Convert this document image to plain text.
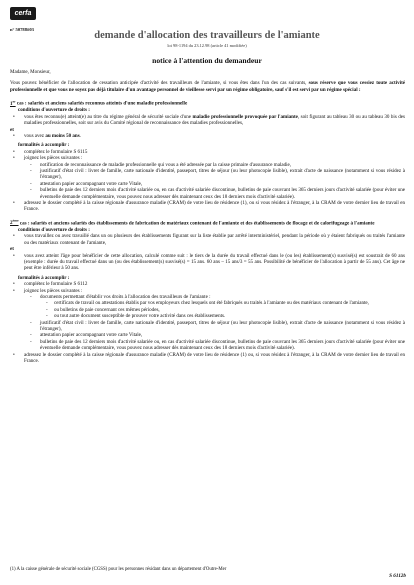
cerfa
n° 50788#03
demande d'allocation des travailleurs de l'amiante
loi 98-1194 du 23.12.98 (article 41 modifiée)
notice à l'attention du demandeur

Madame, Monsieur,

Vous pouvez bénéficier de l'allocation de cessation anticipée d'activité des travailleurs de l'amiante, si vous êtes dans l'un des cas suivants, sous réserve que vous cessiez toute activité professionnelle et que vous ne soyez pas déjà titulaire d'un avantage personnel de vieillesse servi par un régime obligatoire, sauf s'il est servi par un régime spécial :

1er cas : salariés et anciens salariés reconnus atteints d'une maladie professionnelle

conditions d'ouverture de droits :

• vous êtes reconnu(e) atteint(e) au titre du régime général de sécurité sociale d'une maladie professionnelle provoquée par l'amiante, soit figurant au tableau 30 ou au tableau 30 bis des maladies professionnelles, soit sur avis du Comité régional de reconnaissance des maladies professionnelles,

et

• vous avez au moins 50 ans.

formalités à accomplir :

• complétez le formulaire S 6115

• joignez les pièces suivantes :

- notification de reconnaissance de maladie professionnelle qui vous a été adressée par la caisse primaire d'assurance maladie,

- justificatif d'état civil : livret de famille, carte nationale d'identité, passeport, titres de séjour (ou leur photocopie lisible), extrait d'acte de naissance (notamment si vous résidez à l'étranger),

- attestation papier accompagnant votre carte Vitale,

- bulletins de paie des 12 derniers mois d'activité salariée ou, en cas d'activité salariée discontinue, bulletins de paie couvrant les 365 derniers jours d'activité salariée (pour éviter une éventuelle demande complémentaire, vous pouvez nous adresser dès maintenant ceux des 18 derniers mois d'activité salariée).

• adressez le dossier complété à la caisse régionale d'assurance maladie (CRAM) de votre lieu de résidence (1), ou si vous résidez à l'étranger, à la CRAM de votre dernier lieu de travail en France.

2ème cas : salariés et anciens salariés des établissements de fabrication de matériaux contenant de l'amiante et des établissements de flocage et de calorifugeage à l'amiante

conditions d'ouverture de droits :

• vous travaillez ou avez travaillé dans un ou plusieurs des établissements figurant sur la liste établie par arrêté interministériel, pendant la période où y étaient fabriqués ou traités l'amiante ou des matériaux contenant de l'amiante,

et

• vous avez atteint l'âge pour bénéficier de cette allocation, calculé comme suit : le tiers de la durée du travail effectué dans le (ou les) établissement(s) susvisé(s) est soustrait de 60 ans (exemple : durée du travail effectué dans un (ou des établissement(s) susvisé(s) = 15 ans. 60 ans – 15 ans/3 = 55 ans. Possibilité de bénéficier de l'allocation à partir de 55 ans). Cet âge ne peut être inférieur à 50 ans.

formalités à accomplir :

• complétez le formulaire S 6112

• joignez les pièces suivantes :

- documents permettant d'établir vos droits à l'allocation des travailleurs de l'amiante :

- certificats de travail ou attestations établis par vos employeurs chez lesquels ont été fabriqués ou traités à l'amiante ou des matériaux contenant de l'amiante,

- ou bulletins de paie concernant ces mêmes périodes,

- ou tout autre document susceptible de prouver votre activité dans ces établissements.

- justificatif d'état civil : livret de famille, carte nationale d'identité, passeport, titres de séjour (ou leur photocopie lisible), extrait d'acte de naissance (notamment si vous résidez à l'étranger),

- attestation papier accompagnant votre carte Vitale,

- bulletins de paie des 12 derniers mois d'activité salariée ou, en cas d'activité salariée discontinue, bulletins de paie couvrant les 365 derniers jours d'activité salariée (pour éviter une éventuelle demande complémentaire, vous pouvez nous adresser dès maintenant ceux des 18 derniers mois d'activité salariée).

• adressez le dossier complété à la caisse régionale d'assurance maladie (CRAM) de votre lieu de résidence (1) ou, si vous résidez à l'étranger, à la CRAM de votre dernier lieu de travail en France.

(1) A la caisse générale de sécurité sociale (CGSS) pour les personnes résidant dans un département d'Outre-Mer
S 6112b
